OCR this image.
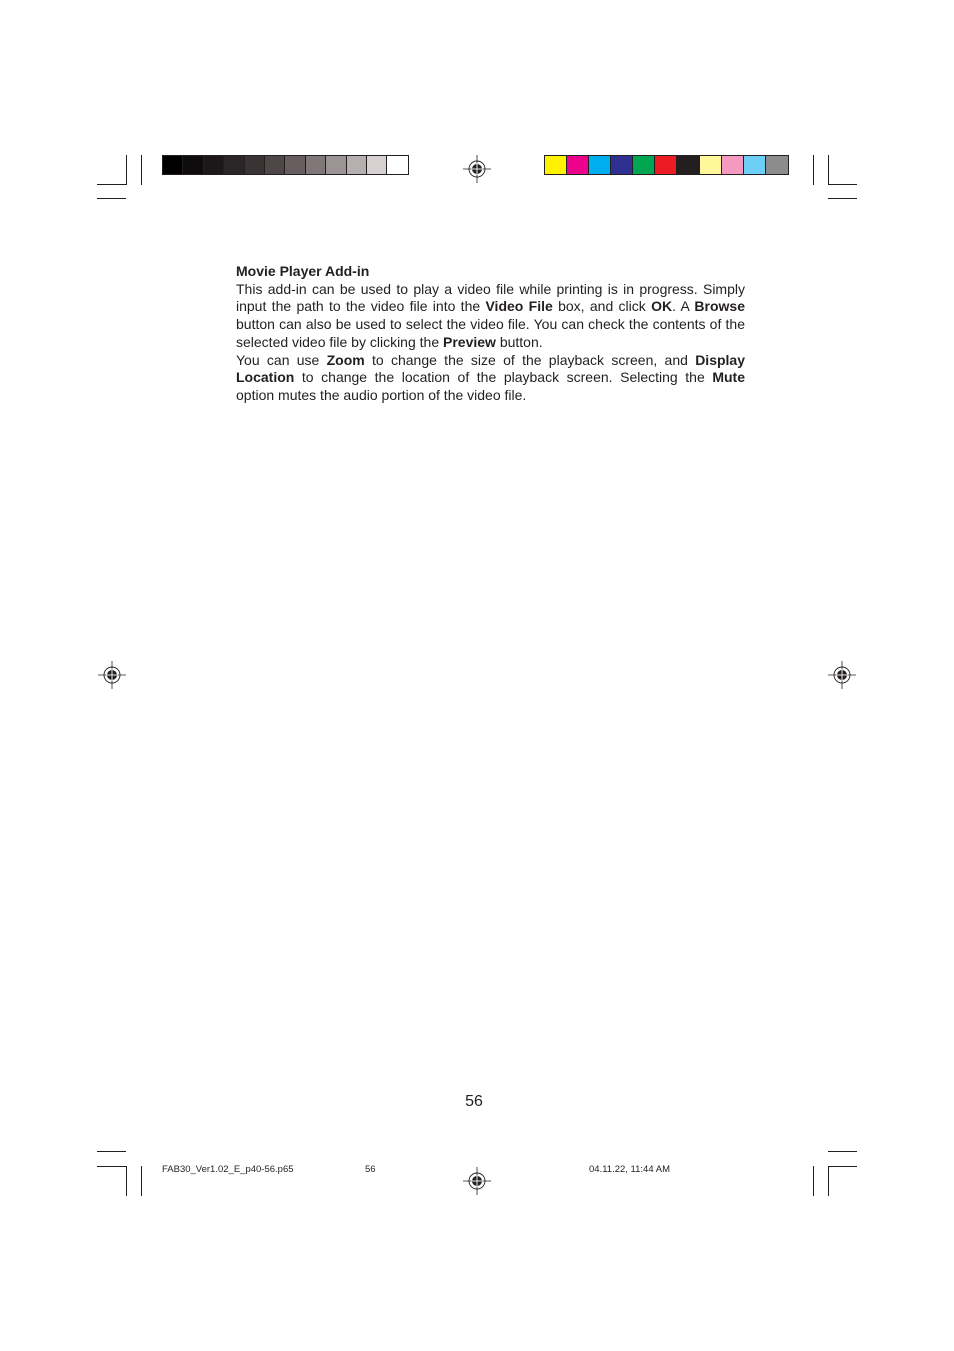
Movie Player Add-in

This add-in can be used to play a video file while printing is in progress. Simply input the path to the video file into the Video File box, and click OK. A Browse button can also be used to select the video file. You can check the contents of the selected video file by clicking the Preview button.

You can use Zoom to change the size of the playback screen, and Display Location to change the location of the playback screen. Selecting the Mute option mutes the audio portion of the video file.

56
FAB30_Ver1.02_E_p40-56.p65	56	04.11.22, 11:44 AM
